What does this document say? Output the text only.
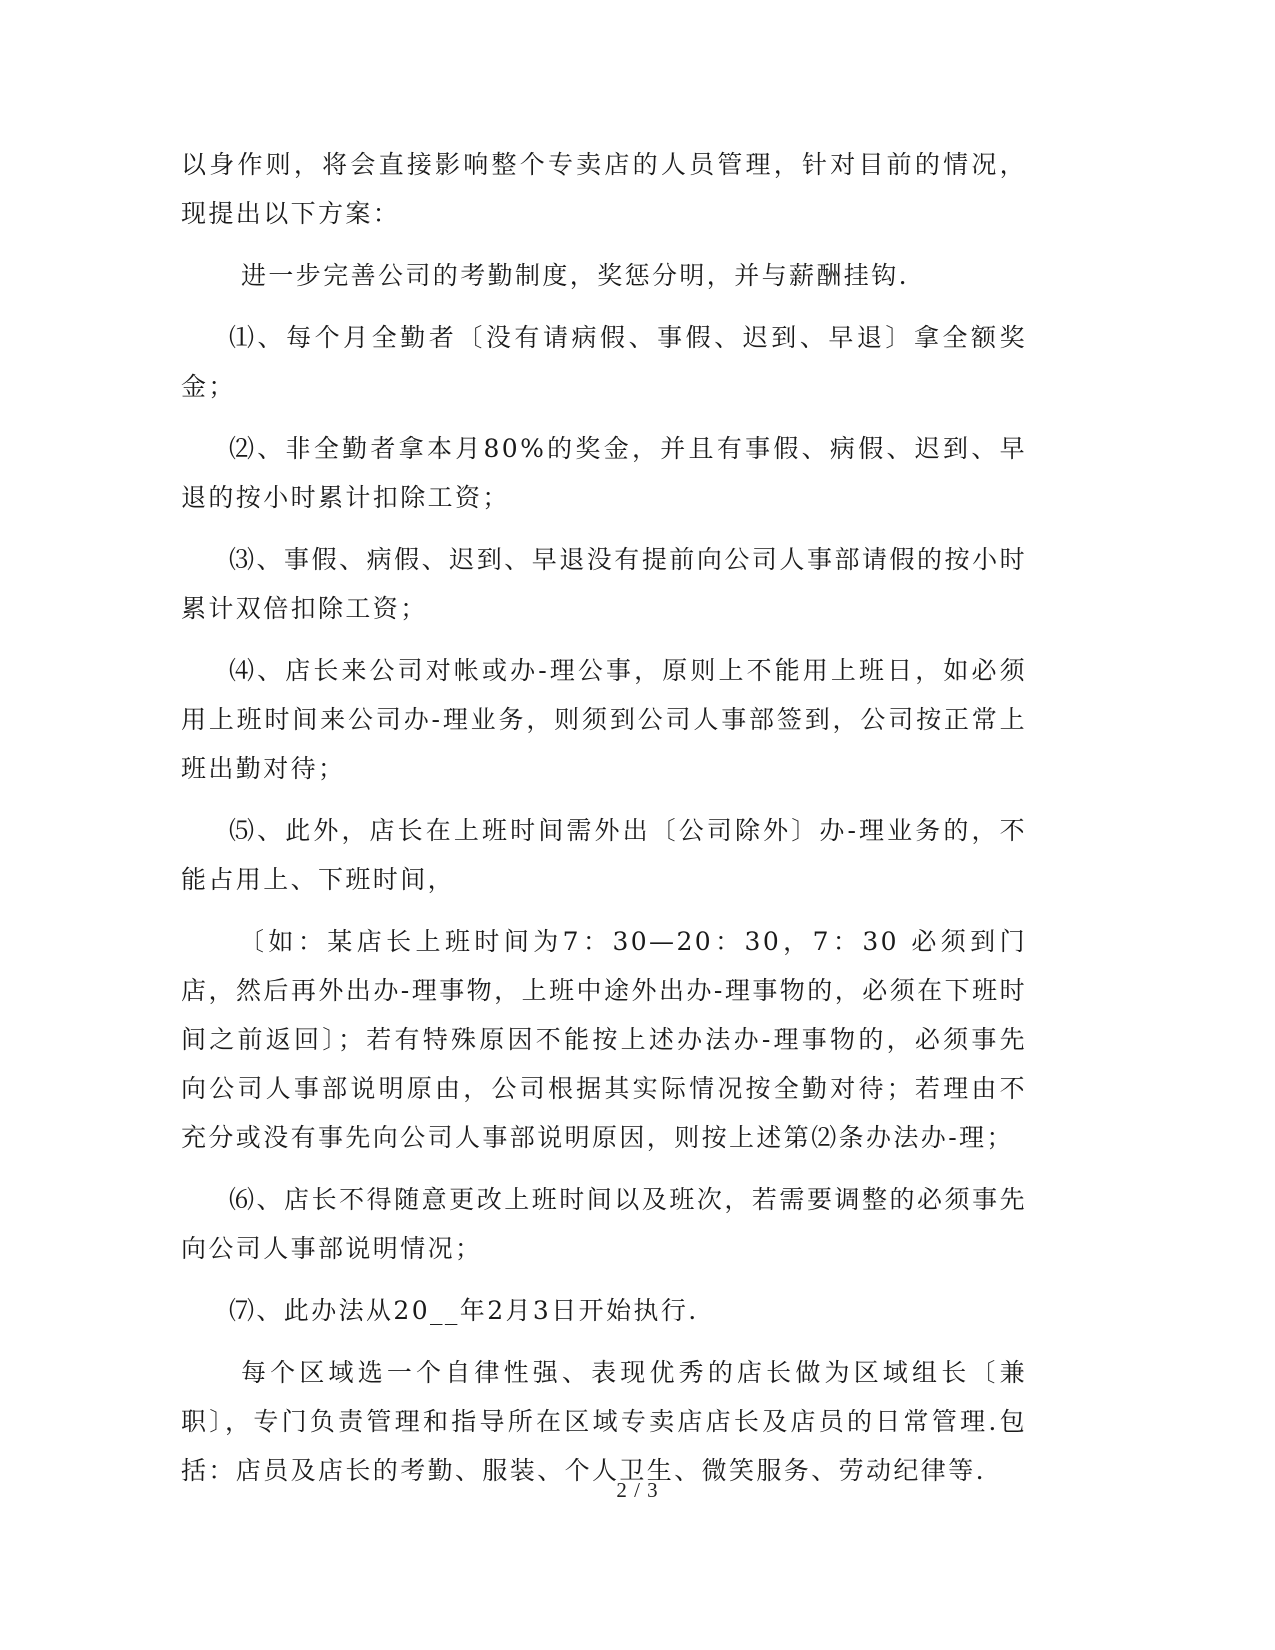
以身作则，将会直接影响整个专卖店的人员管理，针对目前的情况，现提出以下方案：

进一步完善公司的考勤制度，奖惩分明，并与薪酬挂钩.

⑴、每个月全勤者〔没有请病假、事假、迟到、早退〕拿全额奖金；

⑵、非全勤者拿本月80%的奖金，并且有事假、病假、迟到、早退的按小时累计扣除工资；

⑶、事假、病假、迟到、早退没有提前向公司人事部请假的按小时累计双倍扣除工资；

⑷、店长来公司对帐或办-理公事，原则上不能用上班日，如必须用上班时间来公司办-理业务，则须到公司人事部签到，公司按正常上班出勤对待；

⑸、此外，店长在上班时间需外出〔公司除外〕办-理业务的，不能占用上、下班时间，

〔如：某店长上班时间为7：30—20：30，7：30 必须到门店，然后再外出办-理事物，上班中途外出办-理事物的，必须在下班时间之前返回〕；若有特殊原因不能按上述办法办-理事物的，必须事先向公司人事部说明原由，公司根据其实际情况按全勤对待；若理由不充分或没有事先向公司人事部说明原因，则按上述第⑵条办法办-理；

⑹、店长不得随意更改上班时间以及班次，若需要调整的必须事先向公司人事部说明情况；

⑺、此办法从20__年2月3日开始执行.

每个区域选一个自律性强、表现优秀的店长做为区域组长〔兼职〕，专门负责管理和指导所在区域专卖店店长及店员的日常管理.包括：店员及店长的考勤、服装、个人卫生、微笑服务、劳动纪律等.

2 / 3
